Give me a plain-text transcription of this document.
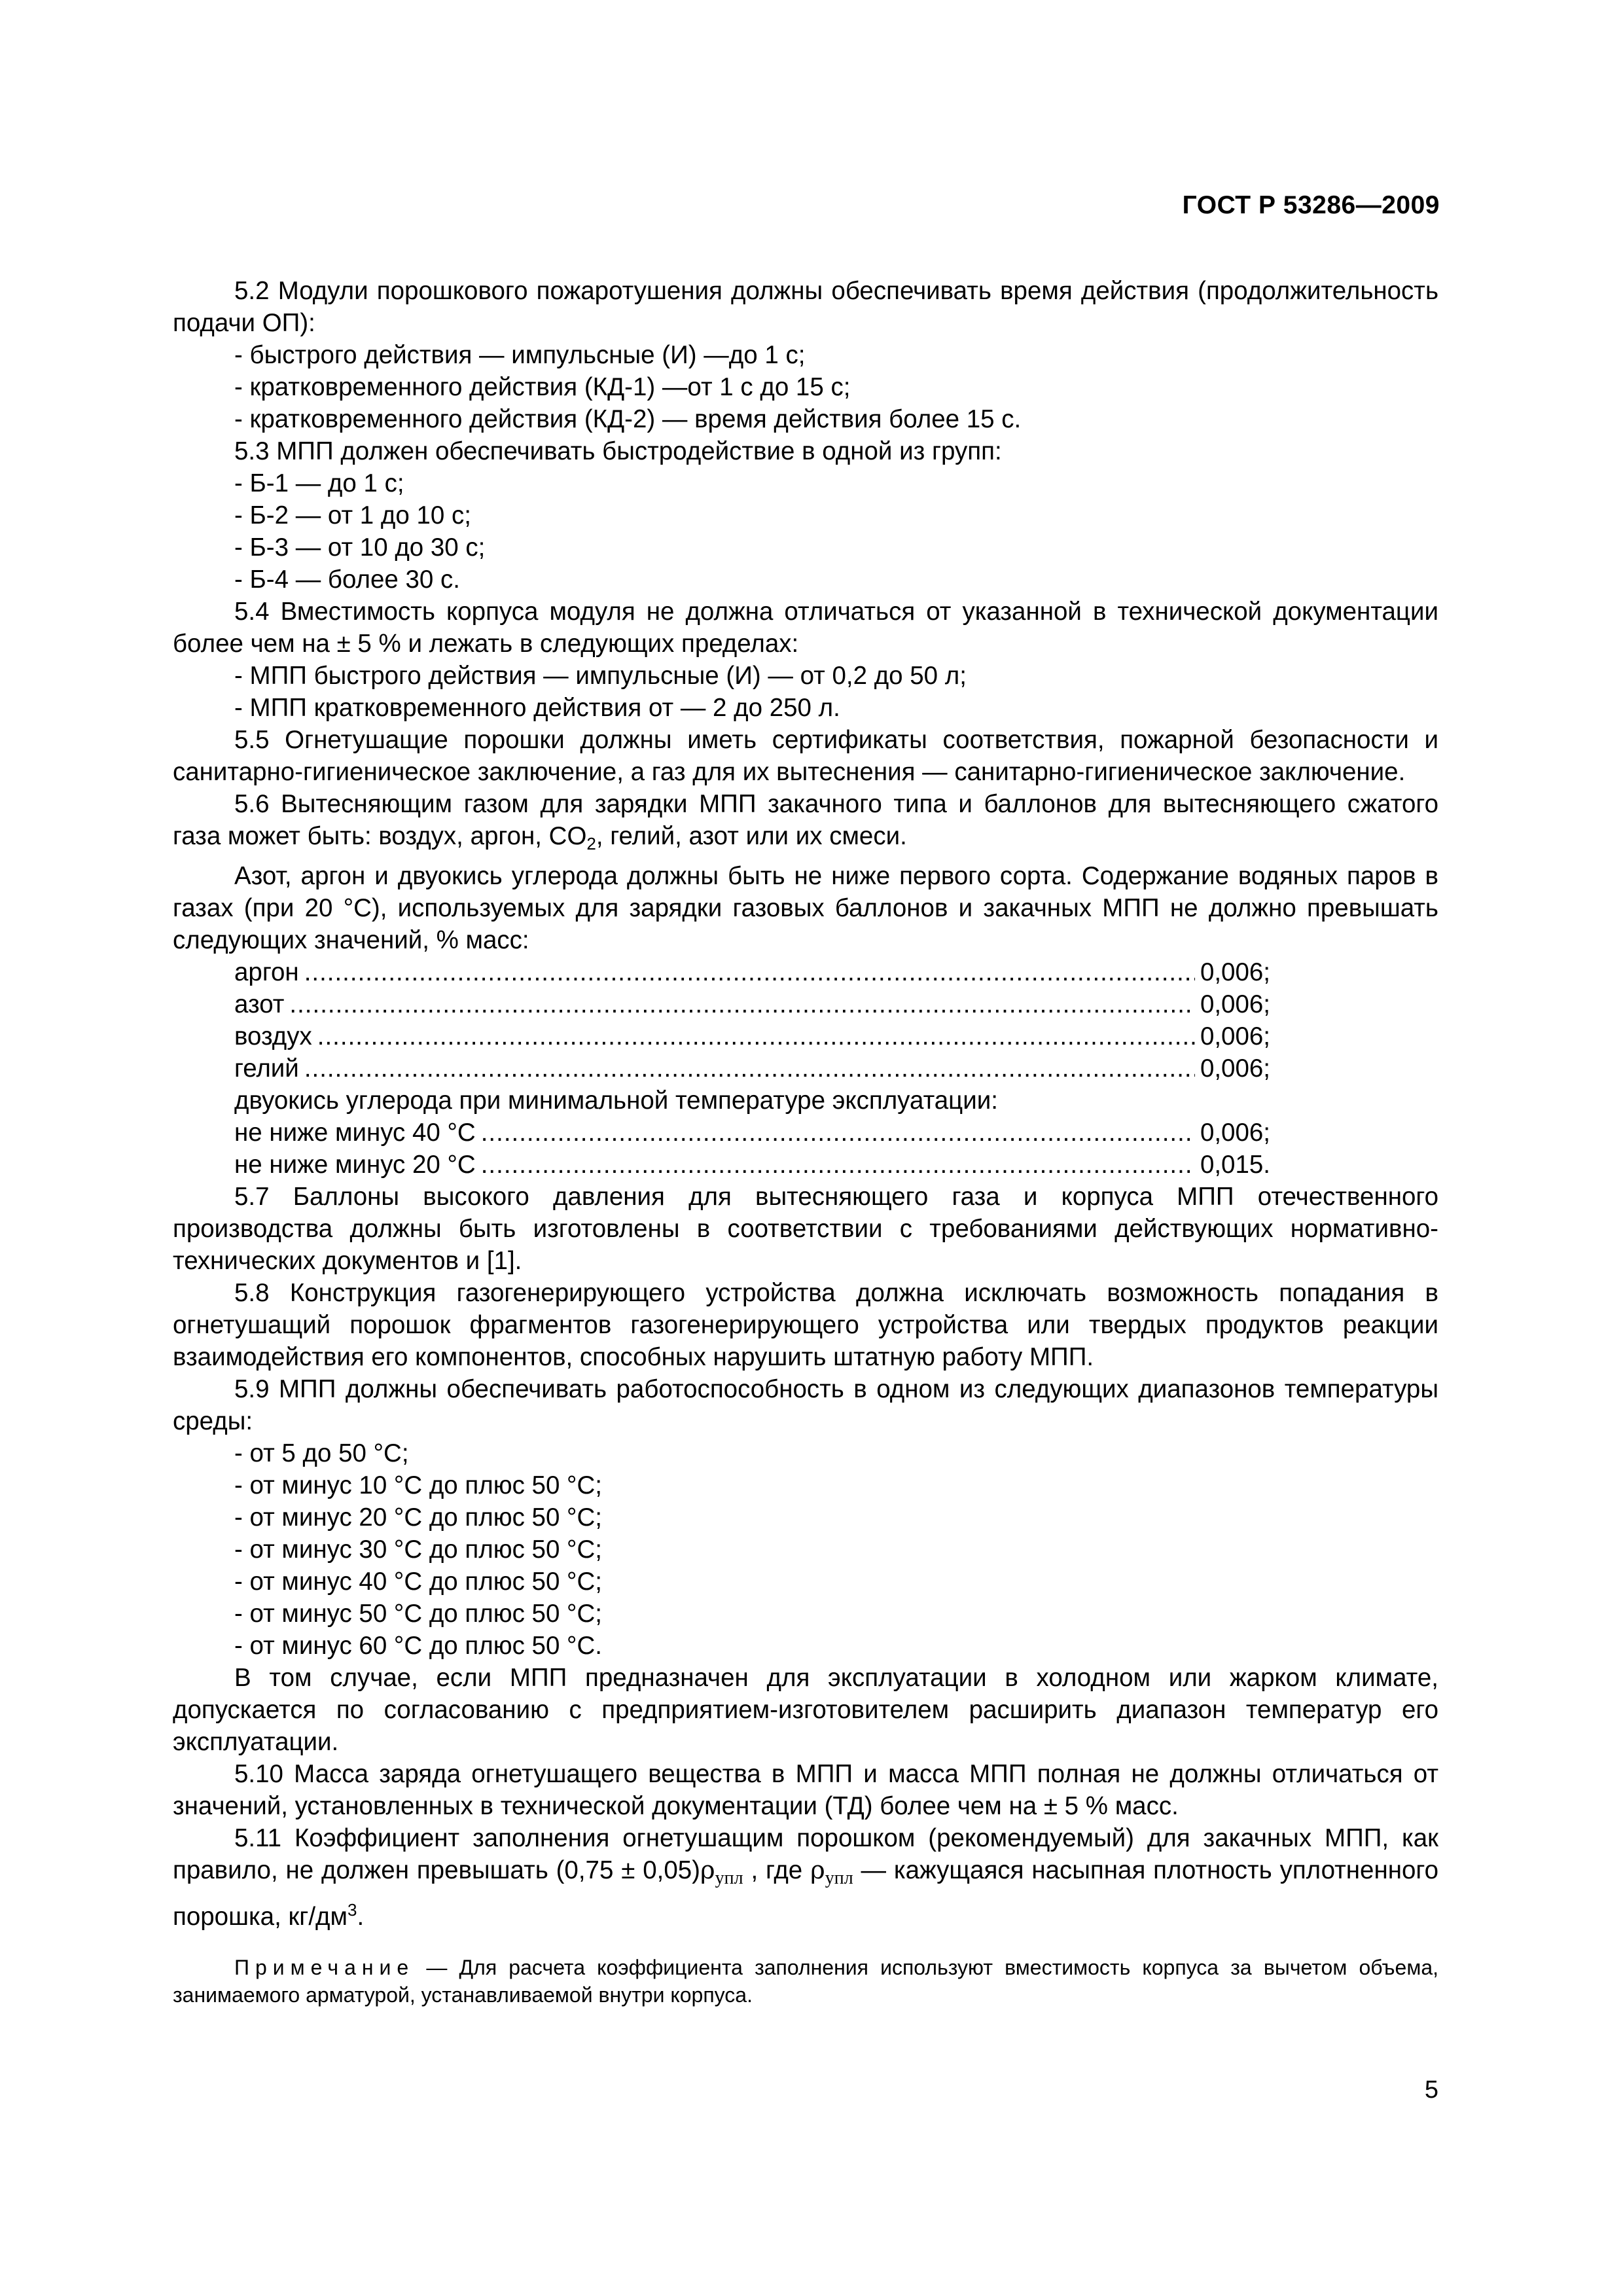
ГОСТ Р 53286—2009

5.2 Модули порошкового пожаротушения должны обеспечивать время действия (продолжительность подачи ОП):

- быстрого действия — импульсные (И) —до 1 с;

- кратковременного действия (КД-1) —от 1 с до 15 с;

- кратковременного действия (КД-2) — время действия более 15 с.

5.3 МПП должен обеспечивать быстродействие в одной из групп:

- Б-1 — до 1 с;

- Б-2 — от 1 до 10 с;

- Б-3 — от 10 до 30 с;

- Б-4 — более 30 с.

5.4 Вместимость корпуса модуля не должна отличаться от указанной в технической документации более чем на ± 5 % и лежать в следующих пределах:

- МПП быстрого действия — импульсные (И) — от 0,2 до 50 л;

- МПП кратковременного действия от — 2 до 250 л.

5.5 Огнетушащие порошки должны иметь сертификаты соответствия, пожарной безопасности и санитарно-гигиеническое заключение, а газ для их вытеснения — санитарно-гигиеническое заключение.

5.6 Вытесняющим газом для зарядки МПП закачного типа и баллонов для вытесняющего сжатого газа может быть: воздух, аргон, $CO_2$, гелий, азот или их смеси.

Азот, аргон и двуокись углерода должны быть не ниже первого сорта. Содержание водяных паров в газах (при 20 °С), используемых для зарядки газовых баллонов и закачных МПП не должно превышать следующих значений, % масс:

аргон .....	0,006;
азот .....	0,006;
воздух .....	0,006;
гелий .....	0,006;

двуокись углерода при минимальной температуре эксплуатации:

не ниже минус 40 °С .....	0,006;
не ниже минус 20 °С .....	0,015.

5.7 Баллоны высокого давления для вытесняющего газа и корпуса МПП отечественного производства должны быть изготовлены в соответствии с требованиями действующих нормативно-технических документов и [1].

5.8 Конструкция газогенерирующего устройства должна исключать возможность попадания в огнетушащий порошок фрагментов газогенерирующего устройства или твердых продуктов реакции взаимодействия его компонентов, способных нарушить штатную работу МПП.

5.9 МПП должны обеспечивать работоспособность в одном из следующих диапазонов температуры среды:

- от 5 до 50 °С;

- от минус 10 °С до плюс 50 °С;

- от минус 20 °С до плюс 50 °С;

- от минус 30 °С до плюс 50 °С;

- от минус 40 °С до плюс 50 °С;

- от минус 50 °С до плюс 50 °С;

- от минус 60 °С до плюс 50 °С.

В том случае, если МПП предназначен для эксплуатации в холодном или жарком климате, допускается по согласованию с предприятием-изготовителем расширить диапазон температур его эксплуатации.

5.10 Масса заряда огнетушащего вещества в МПП и масса МПП полная не должны отличаться от значений, установленных в технической документации (ТД) более чем на ± 5 % масс.

5.11 Коэффициент заполнения огнетушащим порошком (рекомендуемый) для закачных МПП, как правило, не должен превышать $(0,75 \pm 0,05)\rho_{упл}$ , где $\rho_{упл}$ — кажущаяся насыпная плотность уплотненного порошка, $кг/дм^3$.

Примечание — Для расчета коэффициента заполнения используют вместимость корпуса за вычетом объема, занимаемого арматурой, устанавливаемой внутри корпуса.

5
